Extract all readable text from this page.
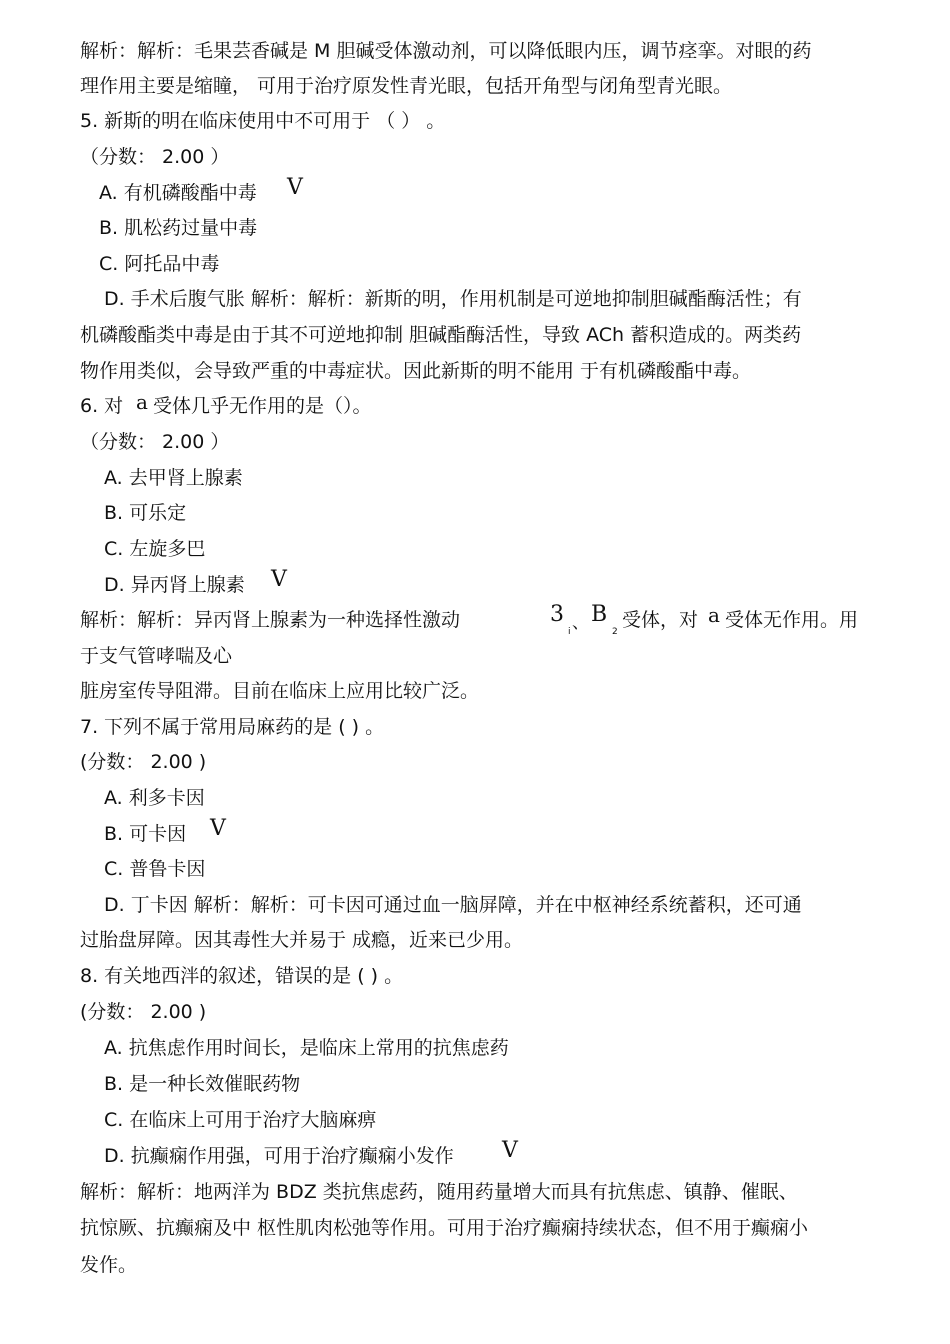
解析：解析：毛果芸香碱是 M 胆碱受体激动剂，可以降低眼内压，调节痉挛。对眼的药
理作用主要是缩瞳， 可用于治疗原发性青光眼，包括开角型与闭角型青光眼。
5. 新斯的明在临床使用中不可用于 （ ） 。
（分数： 2.00 ）
A. 有机磷酸酯中毒 V
B. 肌松药过量中毒
C. 阿托品中毒
D. 手术后腹气胀 解析：解析：新斯的明，作用机制是可逆地抑制胆碱酯酶活性；有
机磷酸酯类中毒是由于其不可逆地抑制 胆碱酯酶活性，导致 ACh 蓄积造成的。两类药
物作用类似，会导致严重的中毒症状。因此新斯的明不能用 于有机磷酸酯中毒。
6. 对 a 受体几乎无作用的是（）。
（分数： 2.00 ）
A. 去甲肾上腺素
B. 可乐定
C. 左旋多巴
D. 异丙肾上腺素 V
解析：解析：异丙肾上腺素为一种选择性激动	3
i 、 B
2
受体，对 a 受体无作用。用
于支气管哮喘及心
脏房室传导阻滞。目前在临床上应用比较广泛。
7. 下列不属于常用局麻药的是 ( ) 。
(分数： 2.00 )
A. 利多卡因
B. 可卡因 V
C. 普鲁卡因
D. 丁卡因 解析：解析：可卡因可通过血一脑屏障，并在中枢神经系统蓄积，还可通
过胎盘屏障。因其毒性大并易于 成瘾，近来已少用。
8. 有关地西泮的叙述，错误的是 ( ) 。
(分数： 2.00 )
A. 抗焦虑作用时间长，是临床上常用的抗焦虑药
B. 是一种长效催眠药物
C. 在临床上可用于治疗大脑麻痹
D. 抗癫痫作用强，可用于治疗癫痫小发作 V
解析：解析：地两洋为 BDZ 类抗焦虑药，随用药量增大而具有抗焦虑、镇静、催眠、
抗惊厥、抗癫痫及中 枢性肌肉松弛等作用。可用于治疗癫痫持续状态，但不用于癫痫小
发作。
